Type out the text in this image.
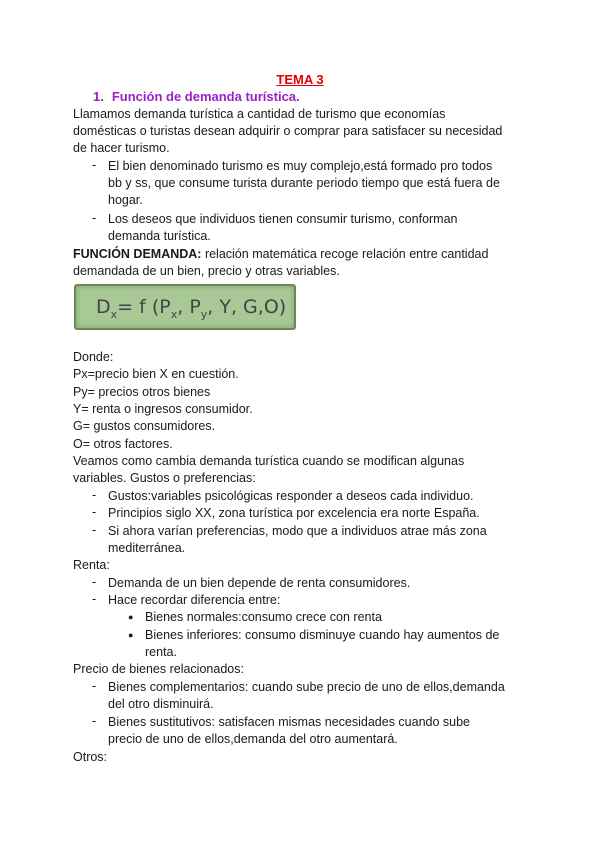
TEMA 3
1. Función de demanda turística.
Llamamos demanda turística a cantidad de turismo que economías
domésticas o turistas desean adquirir o comprar para satisfacer su necesidad
de hacer turismo.
- El bien denominado turismo es muy complejo,está formado pro todos
bb y ss, que consume turista durante periodo tiempo que está fuera de
hogar.
- Los deseos que individuos tienen consumir turismo, conforman
demanda turística.
FUNCIÓN DEMANDA: relación matemática recoge relación entre cantidad
demandada de un bien, precio y otras variables.
$D_x= f$ ($P_x$, $P_y$, Y, G,O)
Donde:
Px=precio bien X en cuestión.
Py= precios otros bienes
Y= renta o ingresos consumidor.
G= gustos consumidores.
O= otros factores.
Veamos como cambia demanda turística cuando se modifican algunas
variables. Gustos o preferencias:
- Gustos:variables psicológicas responder a deseos cada individuo.
- Principios siglo XX, zona turística por excelencia era norte España.
- Si ahora varían preferencias, modo que a individuos atrae más zona
mediterránea.
Renta:
- Demanda de un bien depende de renta consumidores.
- Hace recordar diferencia entre:
● Bienes normales:consumo crece con renta
● Bienes inferiores: consumo disminuye cuando hay aumentos de
renta.
Precio de bienes relacionados:
- Bienes complementarios: cuando sube precio de uno de ellos,demanda
del otro disminuirá.
- Bienes sustitutivos: satisfacen mismas necesidades cuando sube
precio de uno de ellos,demanda del otro aumentará.
Otros:
